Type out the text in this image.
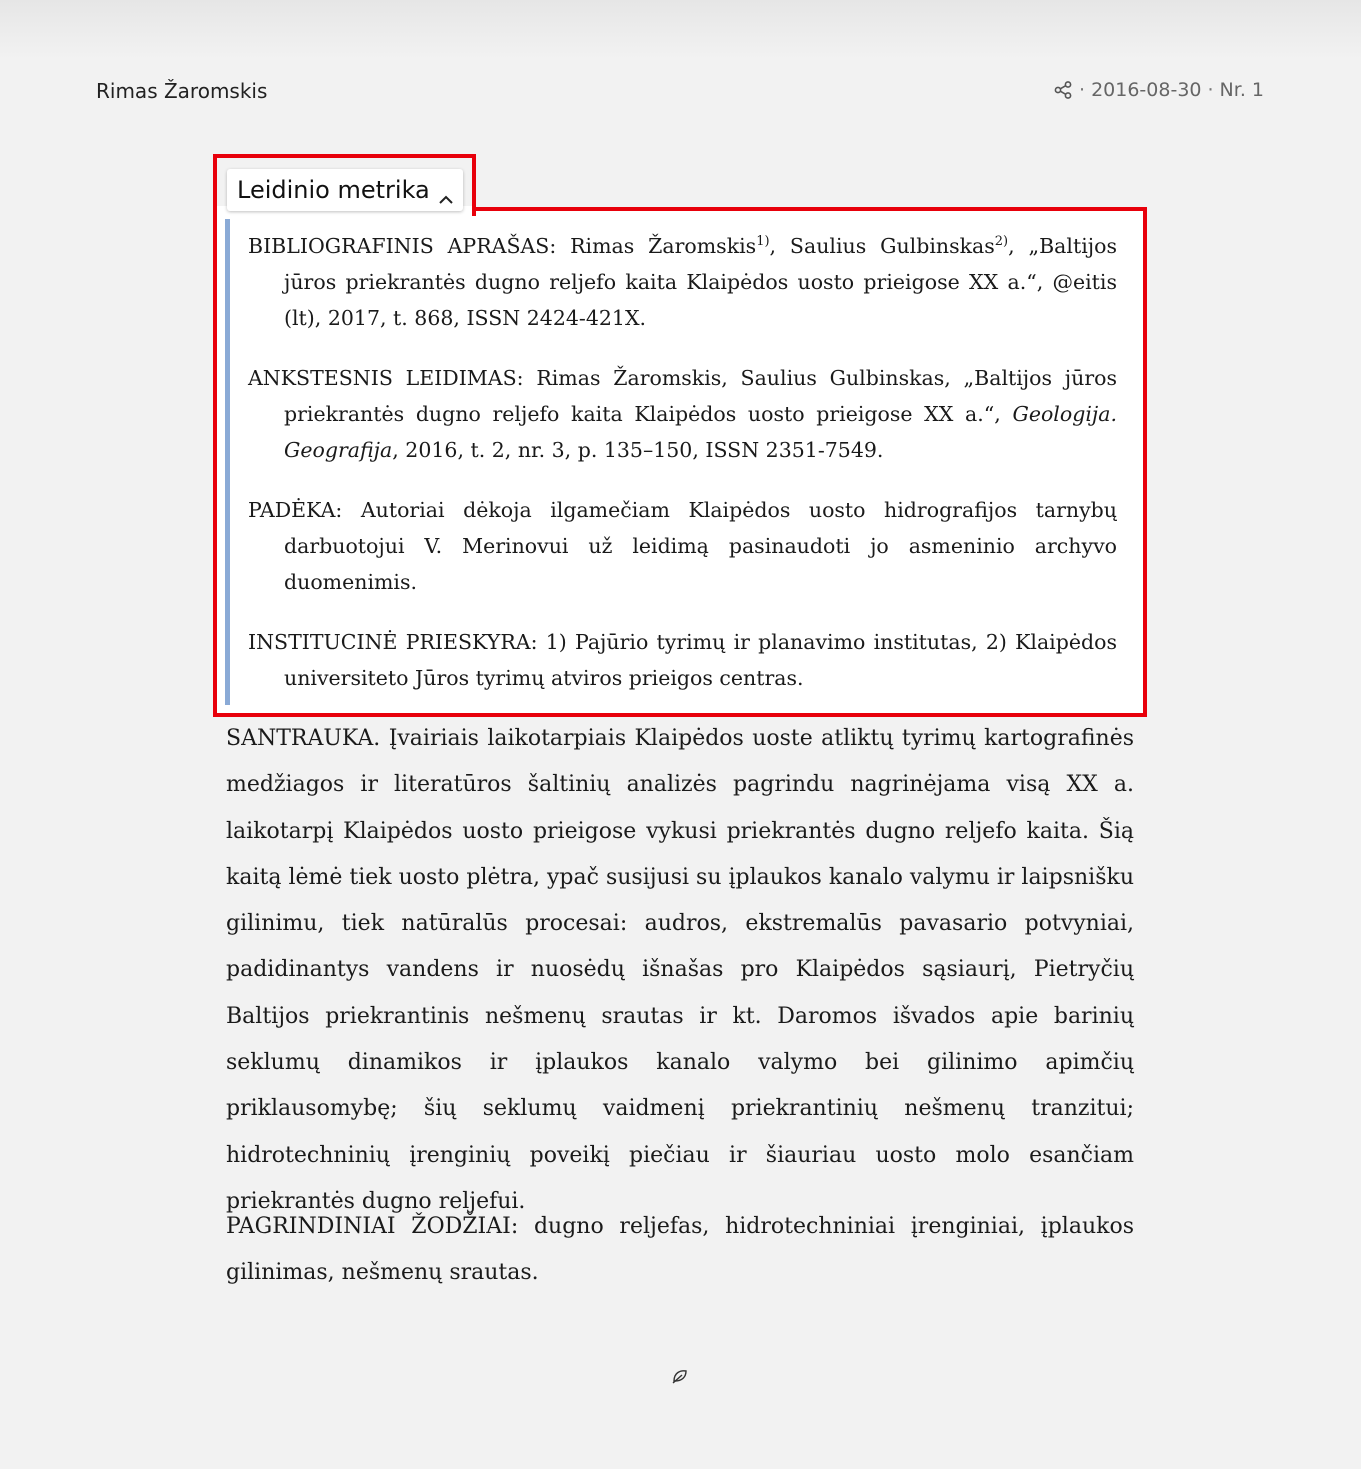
Rimas Žaromskis	· 2016-08-30 · Nr. 1

BIBLIOGRAFINIS APRAŠAS: Rimas Žaromskis$^{1)}$, Saulius Gulbinskas$^{2)}$, „Baltijos jūros priekrantės dugno reljefo kaita Klaipėdos uosto prieigose XX a.“, @eitis (lt), 2017, t. 868, ISSN 2424-421X.

ANKSTESNIS LEIDIMAS: Rimas Žaromskis, Saulius Gulbinskas, „Baltijos jūros priekrantės dugno reljefo kaita Klaipėdos uosto prieigose XX a.“, Geologija. Geografija, 2016, t. 2, nr. 3, p. 135–150, ISSN 2351-7549.

PADĖKA: Autoriai dėkoja ilgamečiam Klaipėdos uosto hidrografijos tarnybų darbuotojui V. Merinovui už leidimą pasinaudoti jo asmeninio archyvo duomenimis.

INSTITUCINĖ PRIESKYRA: 1) Pajūrio tyrimų ir planavimo institutas, 2) Klaipėdos universiteto Jūros tyrimų atviros prieigos centras.

Leidinio metrika
SANTRAUKA. Įvairiais laikotarpiais Klaipėdos uoste atliktų tyrimų kartografinės medžiagos ir literatūros šaltinių analizės pagrindu nagrinėjama visą XX a. laikotarpį Klaipėdos uosto prieigose vykusi priekrantės dugno reljefo kaita. Šią kaitą lėmė tiek uosto plėtra, ypač susijusi su įplaukos kanalo valymu ir laipsnišku gilinimu, tiek natūralūs procesai: audros, ekstremalūs pavasario potvyniai, padidinantys vandens ir nuosėdų išnašas pro Klaipėdos sąsiaurį, Pietryčių Baltijos priekrantinis nešmenų srautas ir kt. Daromos išvados apie barinių seklumų dinamikos ir įplaukos kanalo valymo bei gilinimo apimčių priklausomybę; šių seklumų vaidmenį priekrantinių nešmenų tranzitui; hidrotechninių įrenginių poveikį piečiau ir šiauriau uosto molo esančiam priekrantės dugno reljefui.
PAGRINDINIAI ŽODŽIAI: dugno reljefas, hidrotechniniai įrenginiai, įplaukos gilinimas, nešmenų srautas.
